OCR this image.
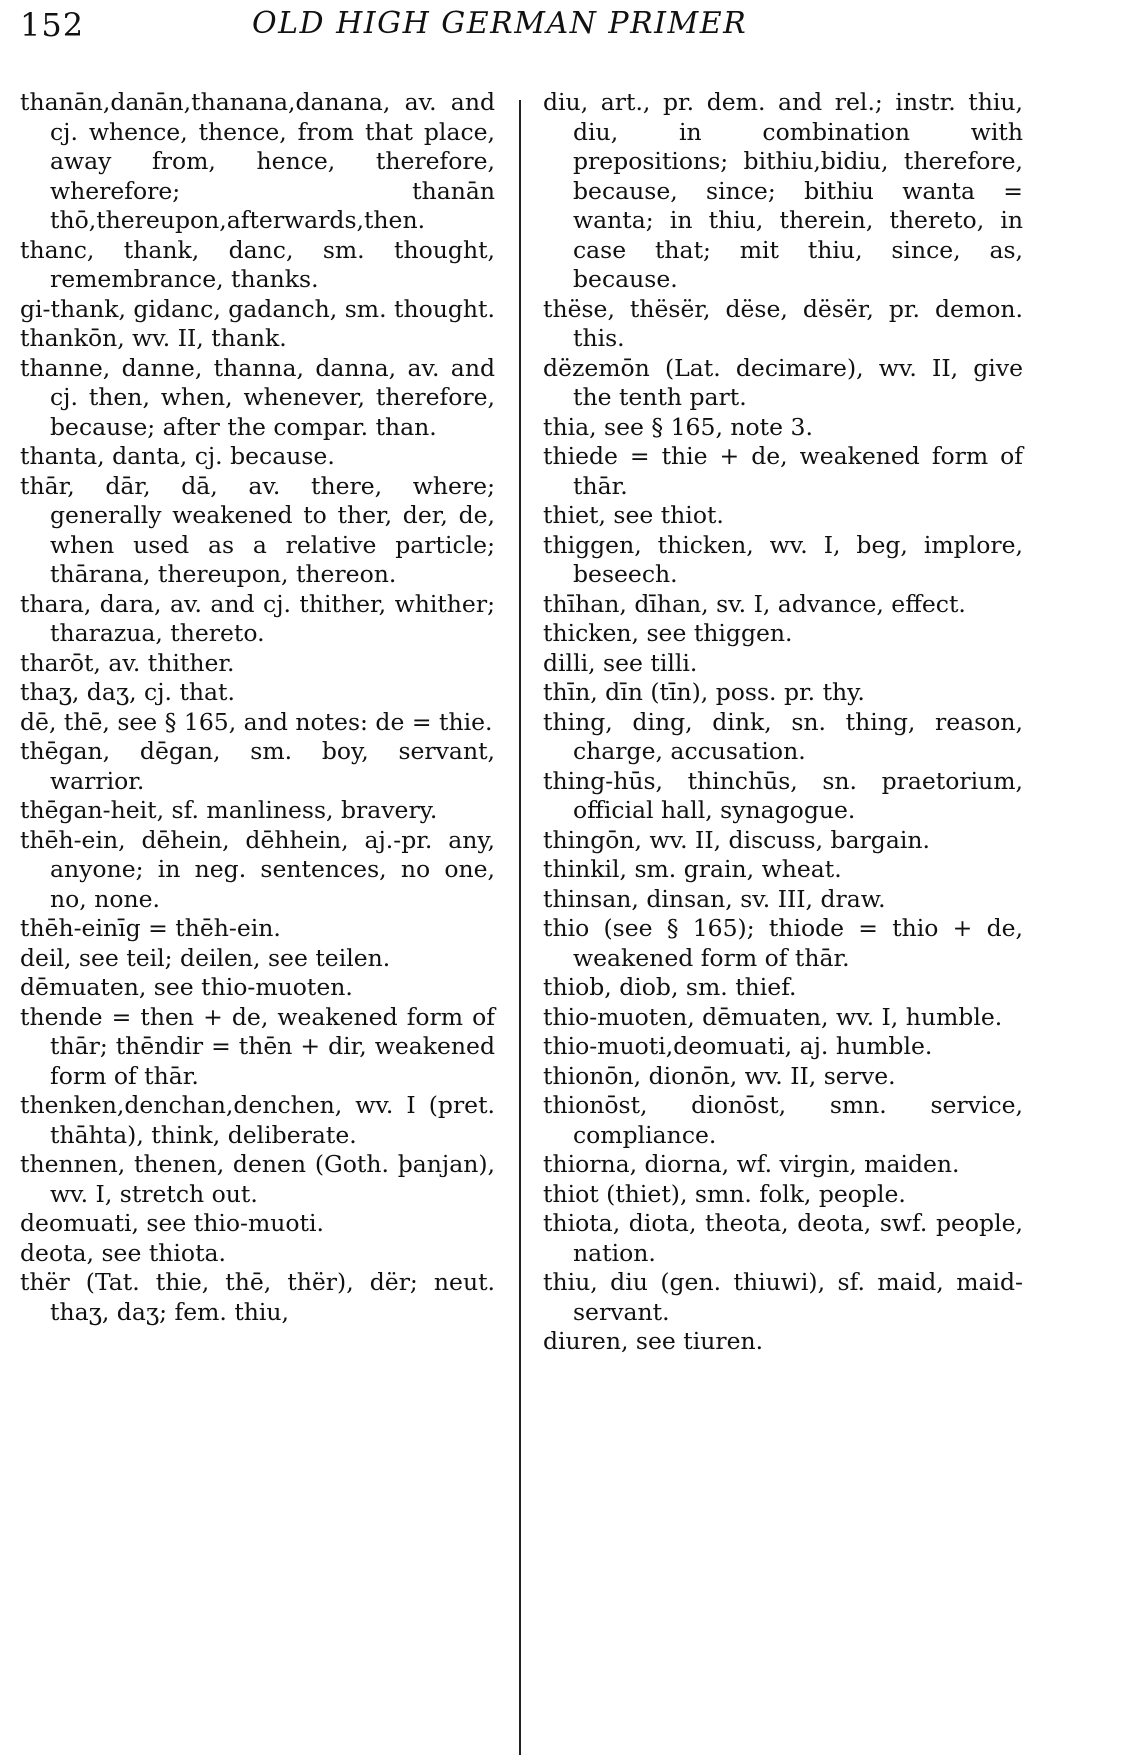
152	OLD HIGH GERMAN PRIMER
thanān,danān,thanana,danana, av. and cj. whence, thence, from that place, away from, hence, therefore, wherefore; thanān thō,thereupon,afterwards,then.
thanc, thank, danc, sm. thought, remembrance, thanks.
gi-thank, gidanc, gadanch, sm. thought.
thankōn, wv. II, thank.
thanne, danne, thanna, danna, av. and cj. then, when, whenever, therefore, because; after the compar. than.
thanta, danta, cj. because.
thār, dār, dā, av. there, where; generally weakened to ther, der, de, when used as a relative particle; thārana, thereupon, thereon.
thara, dara, av. and cj. thither, whither; tharazua, thereto.
tharōt, av. thither.
thaʒ, daʒ, cj. that.
dē, thē, see § 165, and notes: de = thie.
thēgan, dēgan, sm. boy, servant, warrior.
thēgan-heit, sf. manliness, bravery.
thēh-ein, dēhein, dēhhein, aj.-pr. any, anyone; in neg. sentences, no one, no, none.
thēh-einīg = thēh-ein.
deil, see teil; deilen, see teilen.
dēmuaten, see thio-muoten.
thende = then + de, weakened form of thār; thēndir = thēn + dir, weakened form of thār.
thenken,denchan,denchen, wv. I (pret. thāhta), think, deliberate.
thennen, thenen, denen (Goth. þanjan), wv. I, stretch out.
deomuati, see thio-muoti.
deota, see thiota.
thër (Tat. thie, thē, thër), dër; neut. thaʒ, daʒ; fem. thiu,
diu, art., pr. dem. and rel.; instr. thiu, diu, in combination with prepositions; bithiu,bidiu, therefore, because, since; bithiu wanta = wanta; in thiu, therein, thereto, in case that; mit thiu, since, as, because.
thëse, thësër, dëse, dësër, pr. demon. this.
dëzemōn (Lat. decimare), wv. II, give the tenth part.
thia, see § 165, note 3.
thiede = thie + de, weakened form of thār.
thiet, see thiot.
thiggen, thicken, wv. I, beg, implore, beseech.
thīhan, dīhan, sv. I, advance, effect.
thicken, see thiggen.
dilli, see tilli.
thīn, dīn (tīn), poss. pr. thy.
thing, ding, dink, sn. thing, reason, charge, accusation.
thing-hūs, thinchūs, sn. praetorium, official hall, synagogue.
thingōn, wv. II, discuss, bargain.
thinkil, sm. grain, wheat.
thinsan, dinsan, sv. III, draw.
thio (see § 165); thiode = thio + de, weakened form of thār.
thiob, diob, sm. thief.
thio-muoten, dēmuaten, wv. I, humble.
thio-muoti,deomuati, aj. humble.
thionōn, dionōn, wv. II, serve.
thionōst, dionōst, smn. service, compliance.
thiorna, diorna, wf. virgin, maiden.
thiot (thiet), smn. folk, people.
thiota, diota, theota, deota, swf. people, nation.
thiu, diu (gen. thiuwi), sf. maid, maid-servant.
diuren, see tiuren.
